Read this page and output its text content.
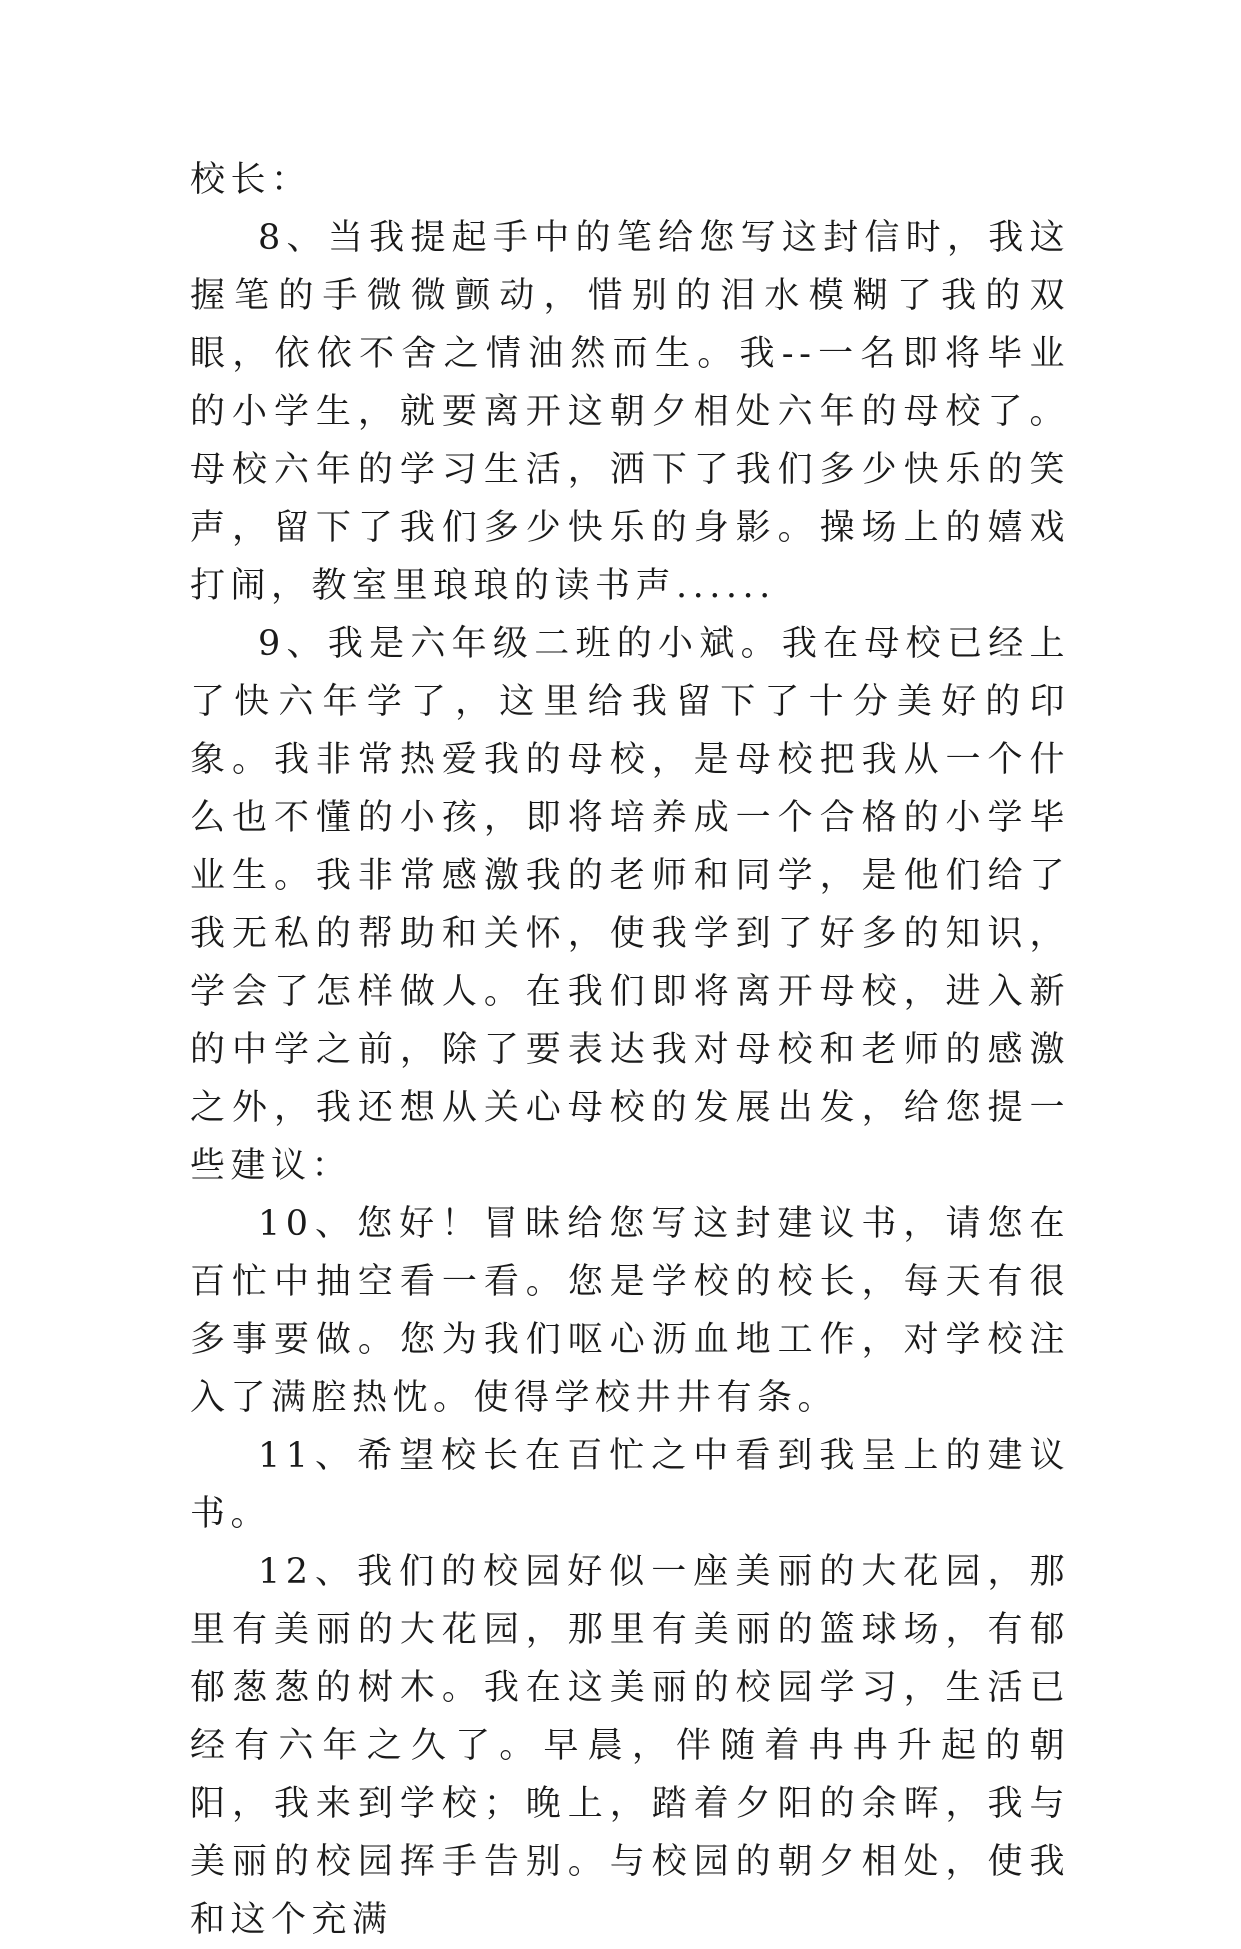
校长：

8、当我提起手中的笔给您写这封信时，我这握笔的手微微颤动，惜别的泪水模糊了我的双眼，依依不舍之情油然而生。我--一名即将毕业的小学生，就要离开这朝夕相处六年的母校了。母校六年的学习生活，洒下了我们多少快乐的笑声，留下了我们多少快乐的身影。操场上的嬉戏打闹，教室里琅琅的读书声......

9、我是六年级二班的小斌。我在母校已经上了快六年学了，这里给我留下了十分美好的印象。我非常热爱我的母校，是母校把我从一个什么也不懂的小孩，即将培养成一个合格的小学毕业生。我非常感激我的老师和同学，是他们给了我无私的帮助和关怀，使我学到了好多的知识，学会了怎样做人。在我们即将离开母校，进入新的中学之前，除了要表达我对母校和老师的感激之外，我还想从关心母校的发展出发，给您提一些建议：

10、您好！冒昧给您写这封建议书，请您在百忙中抽空看一看。您是学校的校长，每天有很多事要做。您为我们呕心沥血地工作，对学校注入了满腔热忱。使得学校井井有条。

11、希望校长在百忙之中看到我呈上的建议书。

12、我们的校园好似一座美丽的大花园，那里有美丽的大花园，那里有美丽的篮球场，有郁郁葱葱的树木。我在这美丽的校园学习，生活已经有六年之久了。早晨，伴随着冉冉升起的朝阳，我来到学校；晚上，踏着夕阳的余晖，我与美丽的校园挥手告别。与校园的朝夕相处，使我和这个充满
